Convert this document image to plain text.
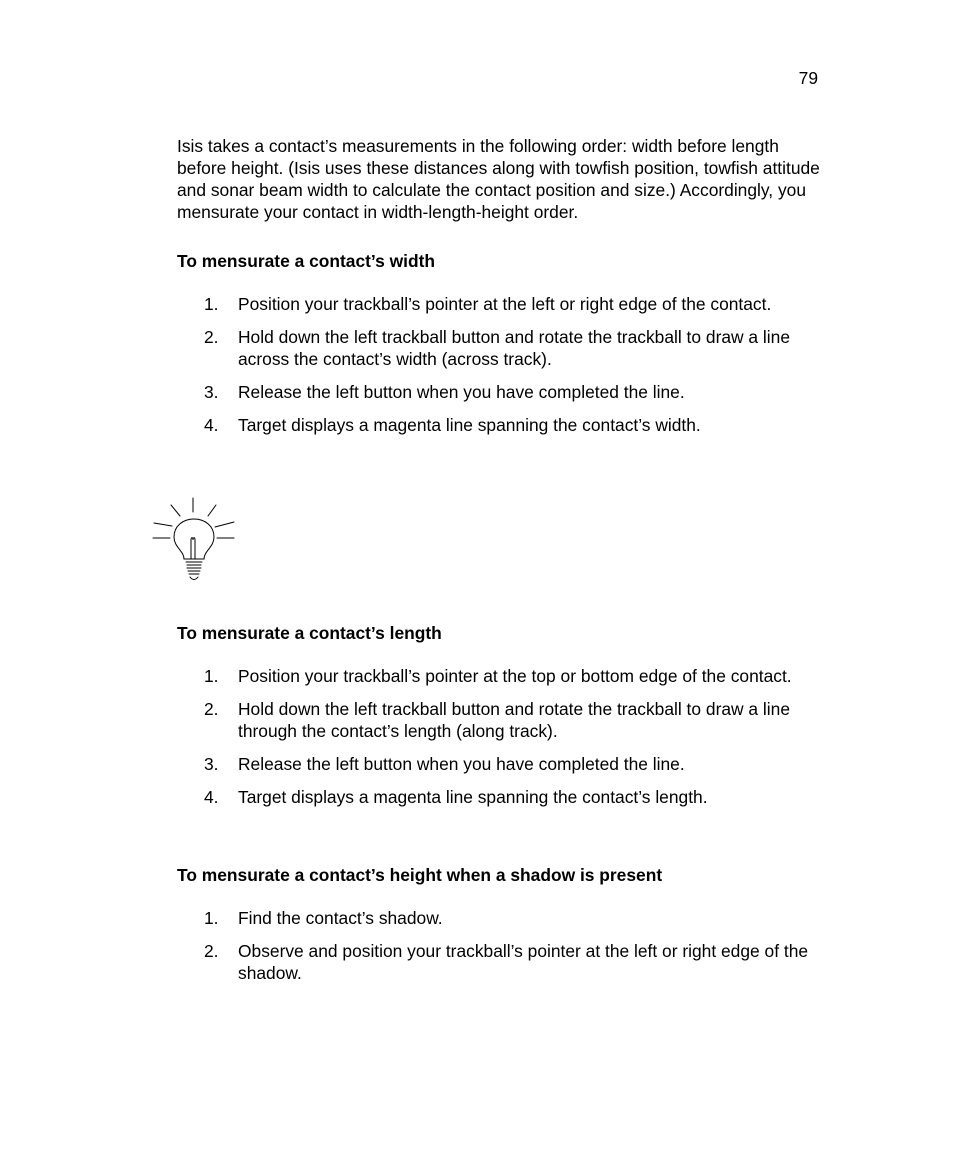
79

Isis takes a contact’s measurements in the following order: width before length before height. (Isis uses these distances along with towfish position, towfish attitude and sonar beam width to calculate the contact position and size.) Accordingly, you mensurate your contact in width-length-height order.

To mensurate a contact’s width
1. Position your trackball’s pointer at the left or right edge of the contact.
2. Hold down the left trackball button and rotate the trackball to draw a line across the contact’s width (across track).
3. Release the left button when you have completed the line.
4. Target displays a magenta line spanning the contact’s width.
To mensurate a contact’s length
1. Position your trackball’s pointer at the top or bottom edge of the contact.
2. Hold down the left trackball button and rotate the trackball to draw a line through the contact’s length (along track).
3. Release the left button when you have completed the line.
4. Target displays a magenta line spanning the contact’s length.
To mensurate a contact’s height when a shadow is present
1. Find the contact’s shadow.
2. Observe and position your trackball’s pointer at the left or right edge of the shadow.
